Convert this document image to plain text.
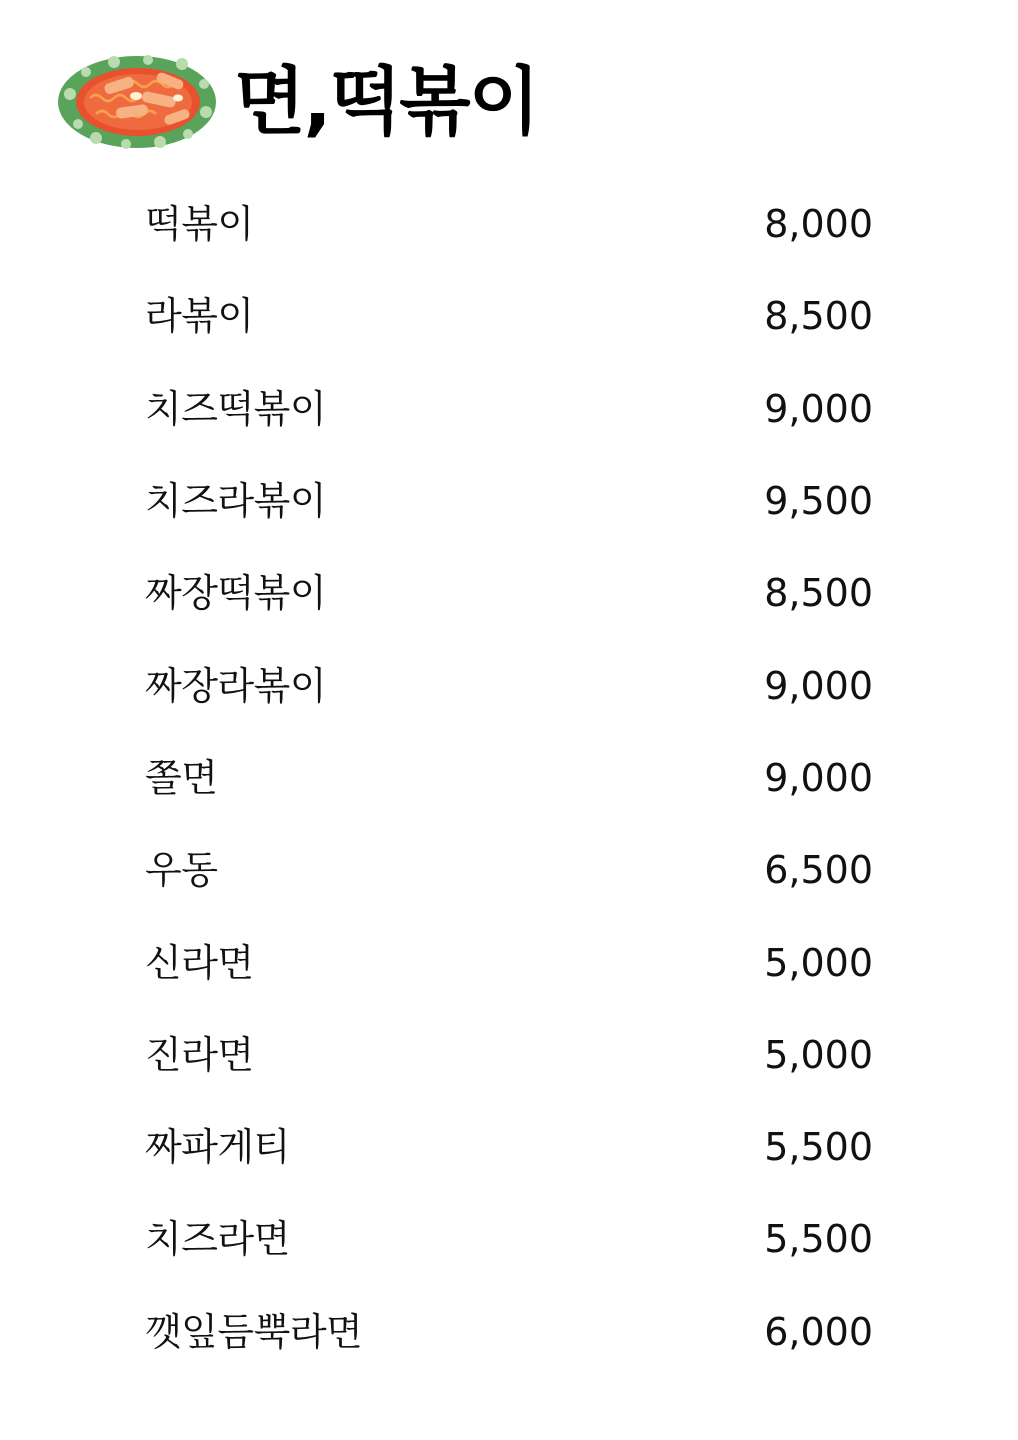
면,떡볶이
떡볶이	8,000
라볶이	8,500
치즈떡볶이	9,000
치즈라볶이	9,500
짜장떡볶이	8,500
짜장라볶이	9,000
쫄면	9,000
우동	6,500
신라면	5,000
진라면	5,000
짜파게티	5,500
치즈라면	5,500
깻잎듬뿍라면	6,000
